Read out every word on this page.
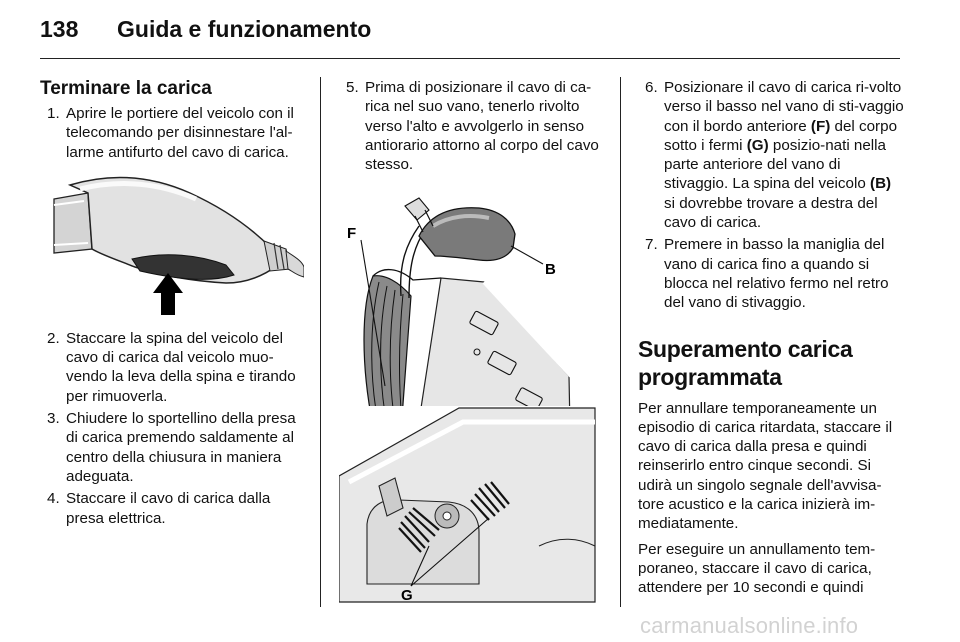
138 Guida e funzionamento
Terminare la carica
1. Aprire le portiere del veicolo con il telecomando per disinnestare l'al-larme antifurto del cavo di carica.
2. Staccare la spina del veicolo del cavo di carica dal veicolo muo-vendo la leva della spina e tirando per rimuoverla.
3. Chiudere lo sportellino della presa di carica premendo saldamente al centro della chiusura in maniera adeguata.
4. Staccare il cavo di carica dalla presa elettrica.
5. Prima di posizionare il cavo di ca-rica nel suo vano, tenerlo rivolto verso l'alto e avvolgerlo in senso antiorario attorno al corpo del cavo stesso.
F
B
G
6. Posizionare il cavo di carica ri-volto verso il basso nel vano di sti-vaggio con il bordo anteriore (F) del corpo sotto i fermi (G) posizio-nati nella parte anteriore del vano di stivaggio. La spina del veicolo (B) si dovrebbe trovare a destra del cavo di carica.
7. Premere in basso la maniglia del vano di carica fino a quando si blocca nel relativo fermo nel retro del vano di stivaggio.
Superamento carica programmata

Per annullare temporaneamente un episodio di carica ritardata, staccare il cavo di carica dalla presa e quindi reinserirlo entro cinque secondi. Si udirà un singolo segnale dell'avvisa-tore acustico e la carica inizierà im-mediatamente.

Per eseguire un annullamento tem-poraneo, staccare il cavo di carica, attendere per 10 secondi e quindi

carmanualsonline.info
